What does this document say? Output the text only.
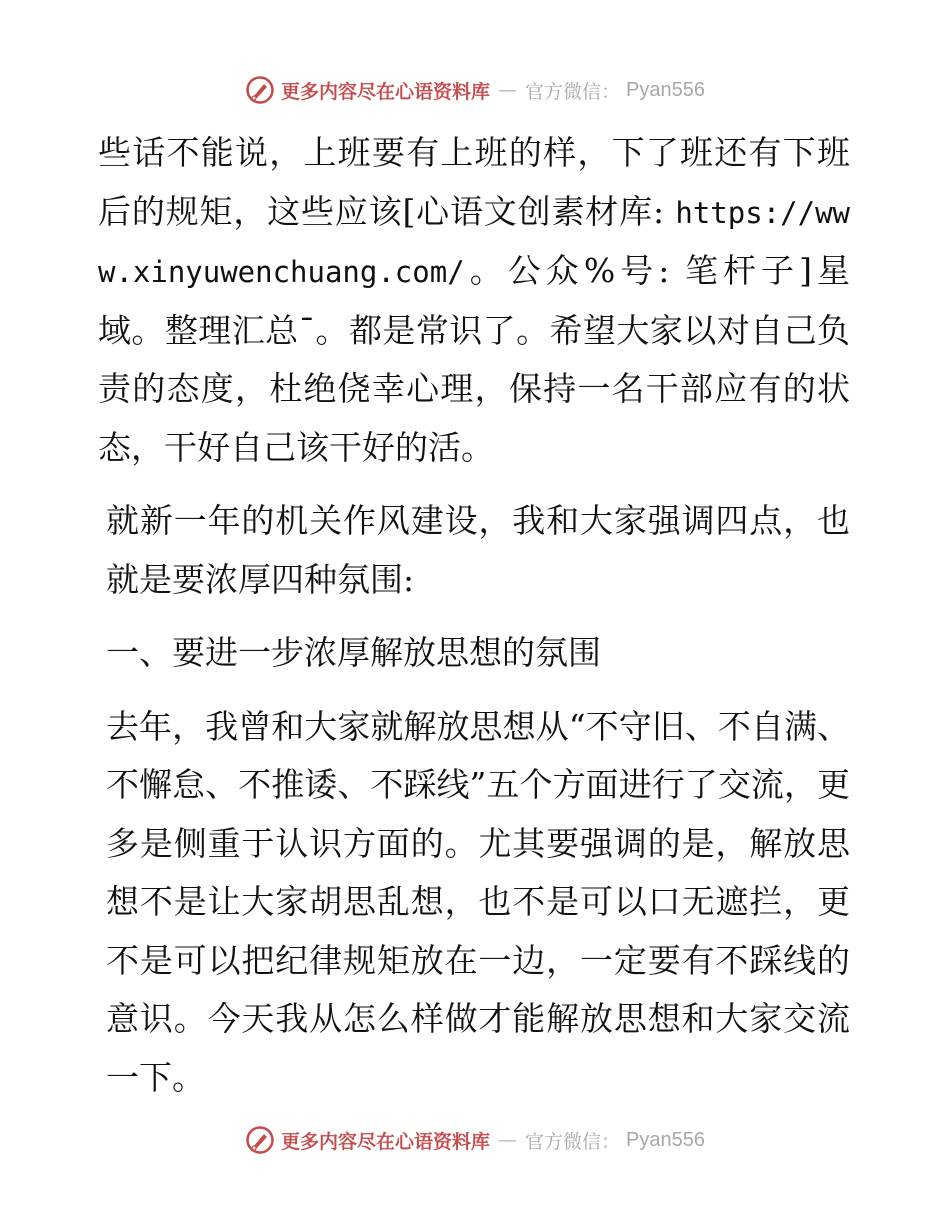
更多内容尽在心语资料库 — 官方微信： Pyan556

些话不能说，上班要有上班的样，下了班还有下班后的规矩，这些应该[心语文创素材库: https://www.xinyuwenchuang.com/。公众%号: 笔杆子]星域。整理汇总¯。都是常识了。希望大家以对自己负责的态度，杜绝侥幸心理，保持一名干部应有的状态，干好自己该干好的活。

就新一年的机关作风建设，我和大家强调四点，也就是要浓厚四种氛围:

一、要进一步浓厚解放思想的氛围

去年，我曾和大家就解放思想从“不守旧、不自满、不懈怠、不推诿、不踩线”五个方面进行了交流，更多是侧重于认识方面的。尤其要强调的是，解放思想不是让大家胡思乱想，也不是可以口无遮拦，更不是可以把纪律规矩放在一边，一定要有不踩线的意识。今天我从怎么样做才能解放思想和大家交流一下。

更多内容尽在心语资料库 — 官方微信： Pyan556
